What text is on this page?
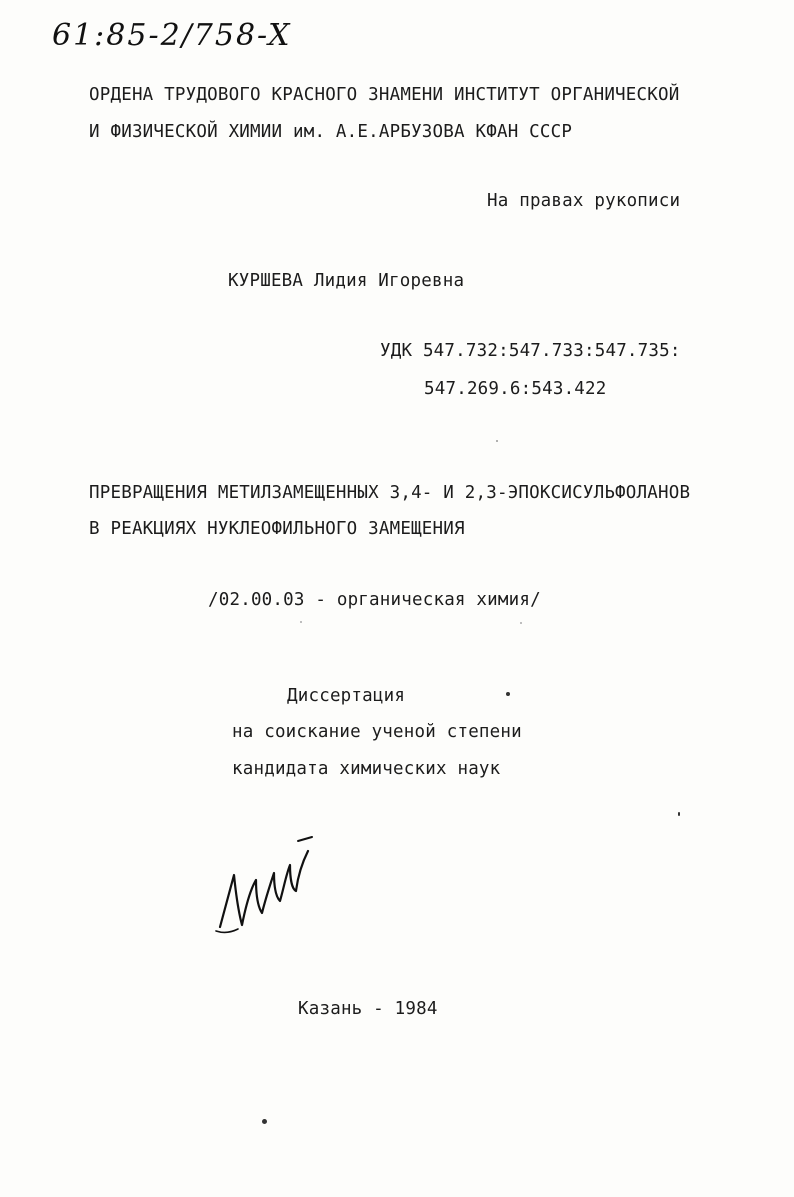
61:85-2/758-X
ОРДЕНА ТРУДОВОГО КРАСНОГО ЗНАМЕНИ ИНСТИТУТ ОРГАНИЧЕСКОЙ
И ФИЗИЧЕСКОЙ ХИМИИ им. А.Е.АРБУЗОВА КФАН СССР
На правах рукописи
КУРШЕВА Лидия Игоревна
УДК 547.732:547.733:547.735:
547.269.6:543.422
ПРЕВРАЩЕНИЯ МЕТИЛЗАМЕЩЕННЫХ 3,4- И 2,3-ЭПОКСИСУЛЬФОЛАНОВ
В РЕАКЦИЯХ НУКЛЕОФИЛЬНОГО ЗАМЕЩЕНИЯ
/02.00.03 - органическая химия/
Диссертация
на соискание ученой степени
кандидата химических наук
Казань - 1984
